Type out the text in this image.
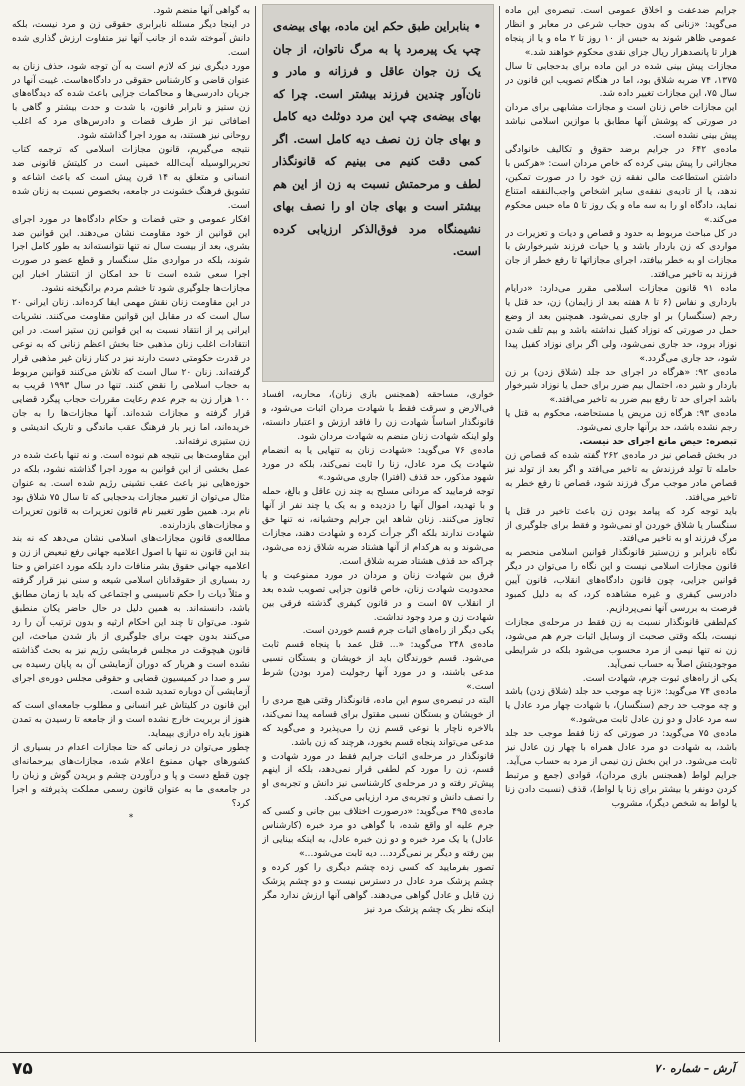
جرایم ضدعفت و اخلاق عمومی است. تبصره‌ی این ماده می‌گوید: «زنانی که بدون حجاب شرعی در معابر و انظار عمومی ظاهر شوند به حبس از ۱۰ روز تا ۲ ماه و یا از پنجاه هزار تا پانصدهزار ریال جزای نقدی محکوم خواهند شد.»

مجازات پیش بینی شده در این ماده برای بدحجابی تا سال ۱۳۷۵، ۷۴ ضربه شلاق بود، اما در هنگام تصویب این قانون در سال ۷۵، این مجازات تغییر داده شد.

این مجازات خاص زنان است و مجازات مشابهی برای مردان در صورتی که پوشش آنها مطابق با موازین اسلامی نباشد پیش بینی نشده است.

ماده‌ی ۶۴۲ در جرایم برضد حقوق و تکالیف خانوادگی مجازاتی را پیش بینی کرده که خاص مردان است: «هرکس با داشتن استطاعت مالی نفقه زن خود را در صورت تمکین، ندهد، یا از تادیه‌ی نفقه‌ی سایر اشخاص واجب‌النفقه امتناع نماید، دادگاه او را به سه ماه و یک روز تا ۵ ماه حبس محکوم می‌کند.»

در کل مباحث مربوط به حدود و قصاص و دیات و تعزیرات در مواردی که زن باردار باشد و یا حیات فرزند شیرخوارش با مجازات او به خطر بیافتد، اجرای مجازاتها تا رفع خطر از جان فرزند به تاخیر می‌افتد.

ماده ۹۱ قانون مجازات اسلامی مقرر می‌دارد: «درایام بارداری و نفاس (۶ تا ۸ هفته بعد از زایمان) زن، حد قتل یا رجم (سنگسار) بر او جاری نمی‌شود. همچنین بعد از وضع حمل در صورتی که نوزاد کفیل نداشته باشد و بیم تلف شدن نوزاد برود، حد جاری نمی‌شود، ولی اگر برای نوزاد کفیل پیدا شود، حد جاری می‌گردد.»

ماده‌ی ۹۲: «هرگاه در اجرای حد جلد (شلاق زدن) بر زن باردار و شیر ده، احتمال بیم ضرر برای حمل یا نوزاد شیرخوار باشد اجرای حد تا رفع بیم ضرر به تاخیر می‌افتد.»

ماده‌ی ۹۳: هرگاه زن مریض یا مستحاضه، محکوم به قتل یا رجم نشده باشد، حد برآنها جاری نمی‌شود.

تبصره: حیض مانع اجرای حد نیست.

در بخش قصاص نیز در ماده‌ی ۲۶۲ گفته شده که قصاص زن حامله تا تولد فرزندش به تاخیر می‌افتد و اگر بعد از تولد نیز قصاص مادر موجب مرگ فرزند شود، قصاص تا رفع خطر به تاخیر می‌افتد.

باید توجه کرد که پیامد بودن زن باعث تاخیر در قتل یا سنگسار یا شلاق خوردن او نمی‌شود و فقط برای جلوگیری از مرگ فرزند او به تاخیر می‌افتد.

نگاه نابرابر و زن‌ستیز قانونگذار قوانین اسلامی منحصر به قانون مجازات اسلامی نیست و این نگاه را می‌توان در دیگر قوانین جزایی، چون قانون دادگاه‌های انقلاب، قانون آیین دادرسی کیفری و غیره مشاهده کرد، که به دلیل کمبود فرصت به بررسی آنها نمی‌پردازیم.

کم‌لطفی قانونگذار نسبت به زن فقط در مرحله‌ی مجازات نیست، بلکه وقتی صحبت از وسایل اثبات جرم هم می‌شود، زن نه تنها نیمی از مرد محسوب می‌شود بلکه در شرایطی موجودیتش اصلاً به حساب نمی‌آید.

یکی از راه‌های ثبوت جرم، شهادت است.

ماده‌ی ۷۴ می‌گوید: «زنا چه موجب حد جلد (شلاق زدن) باشد و چه موجب حد رجم (سنگسار)، با شهادت چهار مرد عادل یا سه مرد عادل و دو زن عادل ثابت می‌شود.»

ماده‌ی ۷۵ می‌گوید: در صورتی که زنا فقط موجب حد جلد باشد، به شهادت دو مرد عادل همراه با چهار زن عادل نیز ثابت می‌شود. در این بخش زن نیمی از مرد به حساب می‌آید.

جرایم لواط (همجنس بازی مردان)، قوادی (جمع و مرتبط کردن دونفر یا بیشتر برای زنا یا لواط)، قذف (نسبت دادن زنا یا لواط به شخص دیگر)، مشروب

• بنابراین طبق حکم این ماده، بهای بیضه‌ی چپ یک پیرمرد پا به مرگ ناتوان، از جان یک زن جوان عاقل و فرزانه و مادر و نان‌آور چندین فرزند بیشتر است. چرا که بهای بیضه‌ی چپ این مرد دوثلث دیه کامل و بهای جان زن نصف دیه کامل است. اگر کمی دقت کنیم می بینیم که قانونگذار لطف و مرحمتش نسبت به زن از این هم بیشتر است و بهای جان او را نصف بهای نشیمنگاه مرد فوق‌الذکر ارزیابی کرده است.

خواری، مساحقه (همجنس بازی زنان)، محاربه، افساد فی‌الارض و سرقت فقط با شهادت مردان اثبات می‌شود، و قانونگذار اساساً شهادت زن را فاقد ارزش و اعتبار دانسته، ولو اینکه شهادت زنان منضم به شهادت مردان شود.

ماده‌ی ۷۶ می‌گوید: «شهادت زنان به تنهایی یا به انضمام شهادت یک مرد عادل، زنا را ثابت نمی‌کند، بلکه در مورد شهود مذکور، حد قذف (افترا) جاری می‌شود.»

توجه فرمایید که مردانی مسلح به چند زن عاقل و بالغ، حمله و با تهدید، اموال آنها را دزدیده و به یک یا چند نفر از آنها تجاوز می‌کنند. زنان شاهد این جرایم وحشیانه، نه تنها حق شهادت ندارند بلکه اگر جرأت کرده و شهادت دهند، مجازات می‌شوند و به هرکدام از آنها هشتاد ضربه شلاق زده می‌شود، چراکه حد قذف هشتاد ضربه شلاق است.

فرق بین شهادت زنان و مردان در مورد ممنوعیت و یا محدودیت شهادت زنان، خاص قانون جزایی تصویب شده بعد از انقلاب ۵۷ است و در قانون کیفری گذشته فرقی بین شهادت زن و مرد وجود نداشت.

یکی دیگر از راه‌های اثبات جرم قسم خوردن است.

ماده‌ی ۲۴۸ می‌گوید: «... قتل عمد با پنجاه قسم ثابت می‌شود. قسم خورندگان باید از خویشان و بستگان نسبی مدعی باشند، و در مورد آنها رجولیت (مرد بودن) شرط است.»

البته در تبصره‌ی سوم این ماده، قانونگذار وقتی هیچ مردی را از خویشان و بستگان نسبی مقتول برای قسامه پیدا نمی‌کند، بالاخره ناچار با نوعی قسم زن را می‌پذیرد و می‌گوید که مدعی می‌تواند پنجاه قسم بخورد، هرچند که زن باشد.

قانونگذار در مرحله‌ی اثبات جرایم فقط در مورد شهادت و قسم، زن را مورد کم لطفی قرار نمی‌دهد، بلکه از اینهم پیش‌تر رفته و در مرحله‌ی کارشناسی نیز دانش و تجربه‌ی او را نصف دانش و تجربه‌ی مرد ارزیابی می‌کند.

ماده‌ی ۴۹۵ می‌گوید: «درصورت اختلاف بین جانی و کسی که جرم علیه او واقع شده، با گواهی دو مرد خبره (کارشناس عادل) یا یک مرد خبره و دو زن خبره عادل، به اینکه بینایی از بین رفته و دیگر بر نمی‌گردد... دیه ثابت می‌شود...»

تصور بفرمایید که کسی زده چشم دیگری را کور کرده و چشم پزشک مرد عادل در دسترس نیست و دو چشم پزشک زن قابل و عادل گواهی می‌دهند. گواهی آنها ارزش ندارد مگر اینکه نظر یک چشم پزشک مرد نیز

به گواهی آنها منضم شود.

در اینجا دیگر مسئله نابرابری حقوقی زن و مرد نیست، بلکه دانش آموخته شده از جانب آنها نیز متفاوت ارزش گذاری شده است.

مورد دیگری نیز که لازم است به آن توجه شود، حذف زنان به عنوان قاضی و کارشناس حقوقی در دادگاه‌هاست. غیبت آنها در جریان دادرسی‌ها و محاکمات جزایی باعث شده که دیدگاه‌های زن ستیز و نابرابر قانون، با شدت و حدت بیشتر و گاهی با اضافاتی نیز از طرف قضات و دادرس‌های مرد که اغلب روحانی نیز هستند، به مورد اجرا گذاشته شود.

نتیجه می‌گیریم، قانون مجازات اسلامی که ترجمه کتاب تحریرالوسیله آیت‌الله خمینی است در کلیتش قانونی ضد انسانی و متعلق به ۱۴ قرن پیش است که باعث اشاعه و تشویق فرهنگ خشونت در جامعه، بخصوص نسبت به زنان شده است.

افکار عمومی و حتی قضات و حکام دادگاه‌ها در مورد اجرای این قوانین از خود مقاومت نشان می‌دهند. این قوانین ضد بشری، بعد از بیست سال نه تنها نتوانسته‌اند به طور کامل اجرا شوند، بلکه در مواردی مثل سنگسار و قطع عضو در صورت اجرا سعی شده است تا حد امکان از انتشار اخبار این مجازات‌ها جلوگیری شود تا خشم مردم برانگیخته نشود.

در این مقاومت زنان نقش مهمی ایفا کرده‌اند. زنان ایرانی ۲۰ سال است که در مقابل این قوانین مقاومت می‌کنند. نشریات ایرانی پر از انتقاد نسبت به این قوانین زن ستیز است. در این انتقادات اغلب زنان مذهبی حتا بخش اعظم زنانی که به نوعی در قدرت حکومتی دست دارند نیز در کنار زنان غیر مذهبی قرار گرفته‌اند. زنان ۲۰ سال است که تلاش می‌کنند قوانین مربوط به حجاب اسلامی را نقض کنند. تنها در سال ۱۹۹۳ قریب به ۱۰۰ هزار زن به جرم عدم رعایت مقررات حجاب پیگرد قضایی قرار گرفته و مجازات شده‌اند. آنها مجازات‌ها را به جان خریده‌اند، اما زیر بار فرهنگ عقب ماندگی و تاریک اندیشی و زن ستیزی نرفته‌اند.

این مقاومت‌ها بی نتیجه هم نبوده است. و نه تنها باعث شده در عمل بخشی از این قوانین به مورد اجرا گذاشته نشود، بلکه در حوزه‌هایی نیز باعث عقب نشینی رژیم شده است. به عنوان مثال می‌توان از تغییر مجازات بدحجابی که تا سال ۷۵ شلاق بود نام برد. همین طور تغییر نام قانون تعزیرات به قانون تعزیرات و مجازات‌های بازدارنده.

مطالعه‌ی قانون مجازات‌های اسلامی نشان می‌دهد که نه بند بند این قانون نه تنها با اصول اعلامیه جهانی رفع تبعیض از زن و اعلامیه جهانی حقوق بشر منافات دارد بلکه مورد اعتراض و حتا رد بسیاری از حقوقدانان اسلامی شیعه و سنی نیز قرار گرفته و مثلاً دیات را حکم تاسیسی و اجتماعی که باید با زمان مطابق باشد، دانسته‌اند. به همین دلیل در حال حاضر یکان منطبق شود. می‌توان تا چند این احکام ارثیه و بدون ترتیب آن را رد می‌کنند بدون جهت برای جلوگیری از باز شدن مباحث، این قانون هیچوقت در مجلس فرمایشی رژیم نیز به بحث گذاشته نشده است و هربار که دوران آزمایشی آن به پایان رسیده بی سر و صدا در کمیسیون قضایی و حقوقی مجلس دوره‌ی اجرای آزمایشی آن دوباره تمدید شده است.

این قانون در کلیتاش غیر انسانی و مطلوب جامعه‌ای است که هنوز از بربریت خارج نشده است و از جامعه تا رسیدن به تمدن هنوز باید راه درازی بپیماید.

چطور می‌توان در زمانی که حتا مجازات اعدام در بسیاری از کشورهای جهان ممنوع اعلام شده، مجازات‌های بیرحمانه‌ای چون قطع دست و پا و درآوردن چشم و بریدن گوش و زبان را در جامعه‌ی ما به عنوان قانون رسمی مملکت پذیرفته و اجرا کرد؟

*

۷۵	آرش – شماره ۷۰
